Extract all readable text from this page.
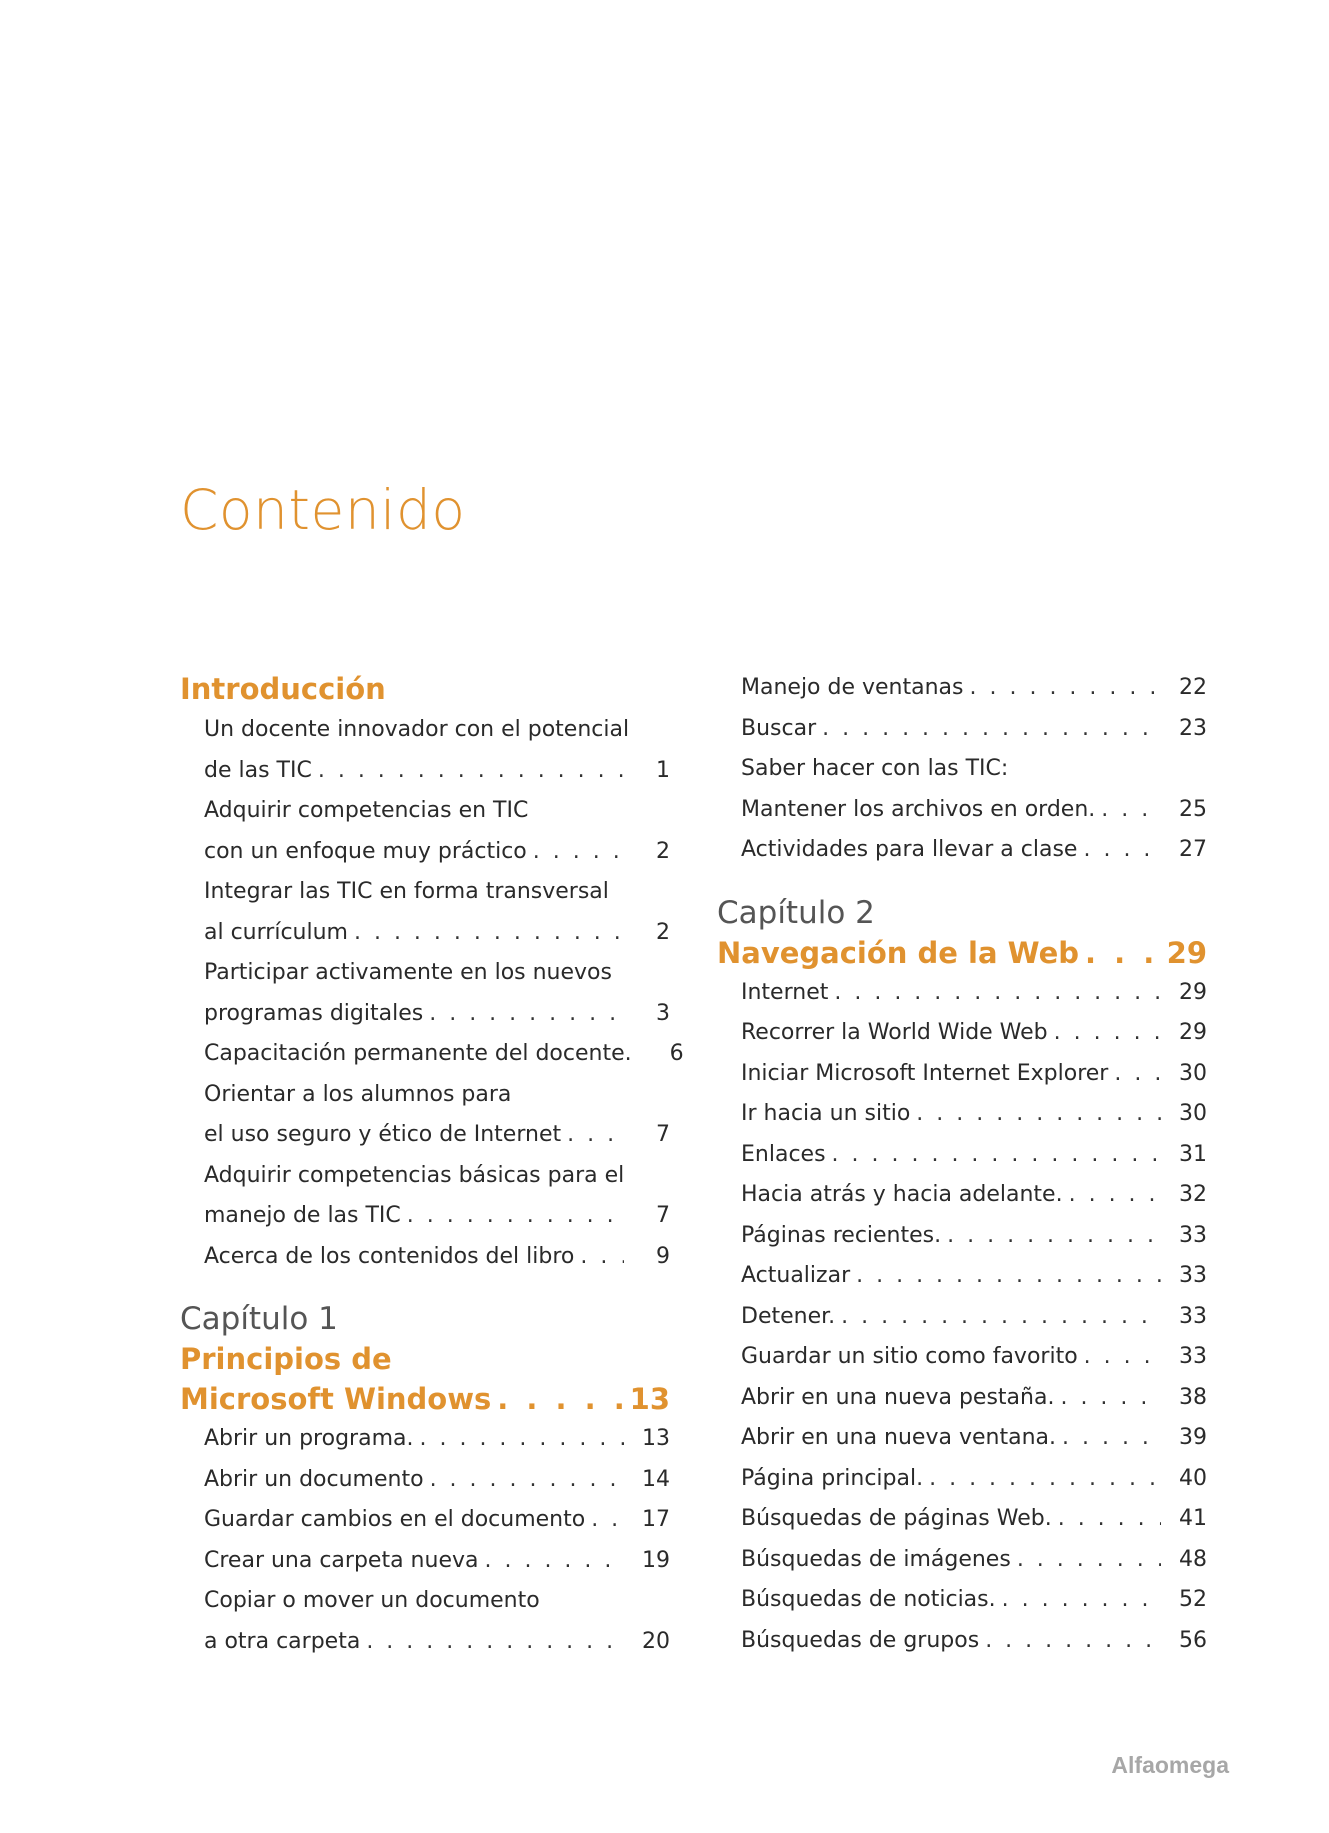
Contenido
Introducción
Un docente innovador con el potencial
de las TIC . . .	1
Adquirir competencias en TIC
con un enfoque muy práctico . . .	2
Integrar las TIC en forma transversal
al currículum . . .	2
Participar activamente en los nuevos
programas digitales . . .	3
Capacitación permanente del docente.	6
Orientar a los alumnos para
el uso seguro y ético de Internet . . .	7
Adquirir competencias básicas para el
manejo de las TIC . . .	7
Acerca de los contenidos del libro . . .	9
Capítulo 1
Principios de
Microsoft Windows . . .	13
Abrir un programa. . . .	13
Abrir un documento . . .	14
Guardar cambios en el documento . . .	17
Crear una carpeta nueva . . .	19
Copiar o mover un documento
a otra carpeta . . .	20
Manejo de ventanas . . .	22
Buscar . . .	23
Saber hacer con las TIC:
Mantener los archivos en orden. . . .	25
Actividades para llevar a clase . . .	27
Capítulo 2
Navegación de la Web . . .	29
Internet . . .	29
Recorrer la World Wide Web . . .	29
Iniciar Microsoft Internet Explorer . . .	30
Ir hacia un sitio . . .	30
Enlaces . . .	31
Hacia atrás y hacia adelante. . . .	32
Páginas recientes. . . .	33
Actualizar . . .	33
Detener. . . .	33
Guardar un sitio como favorito . . .	33
Abrir en una nueva pestaña. . . .	38
Abrir en una nueva ventana. . . .	39
Página principal. . . .	40
Búsquedas de páginas Web. . . .	41
Búsquedas de imágenes . . .	48
Búsquedas de noticias. . . .	52
Búsquedas de grupos . . .	56
Alfaomega
